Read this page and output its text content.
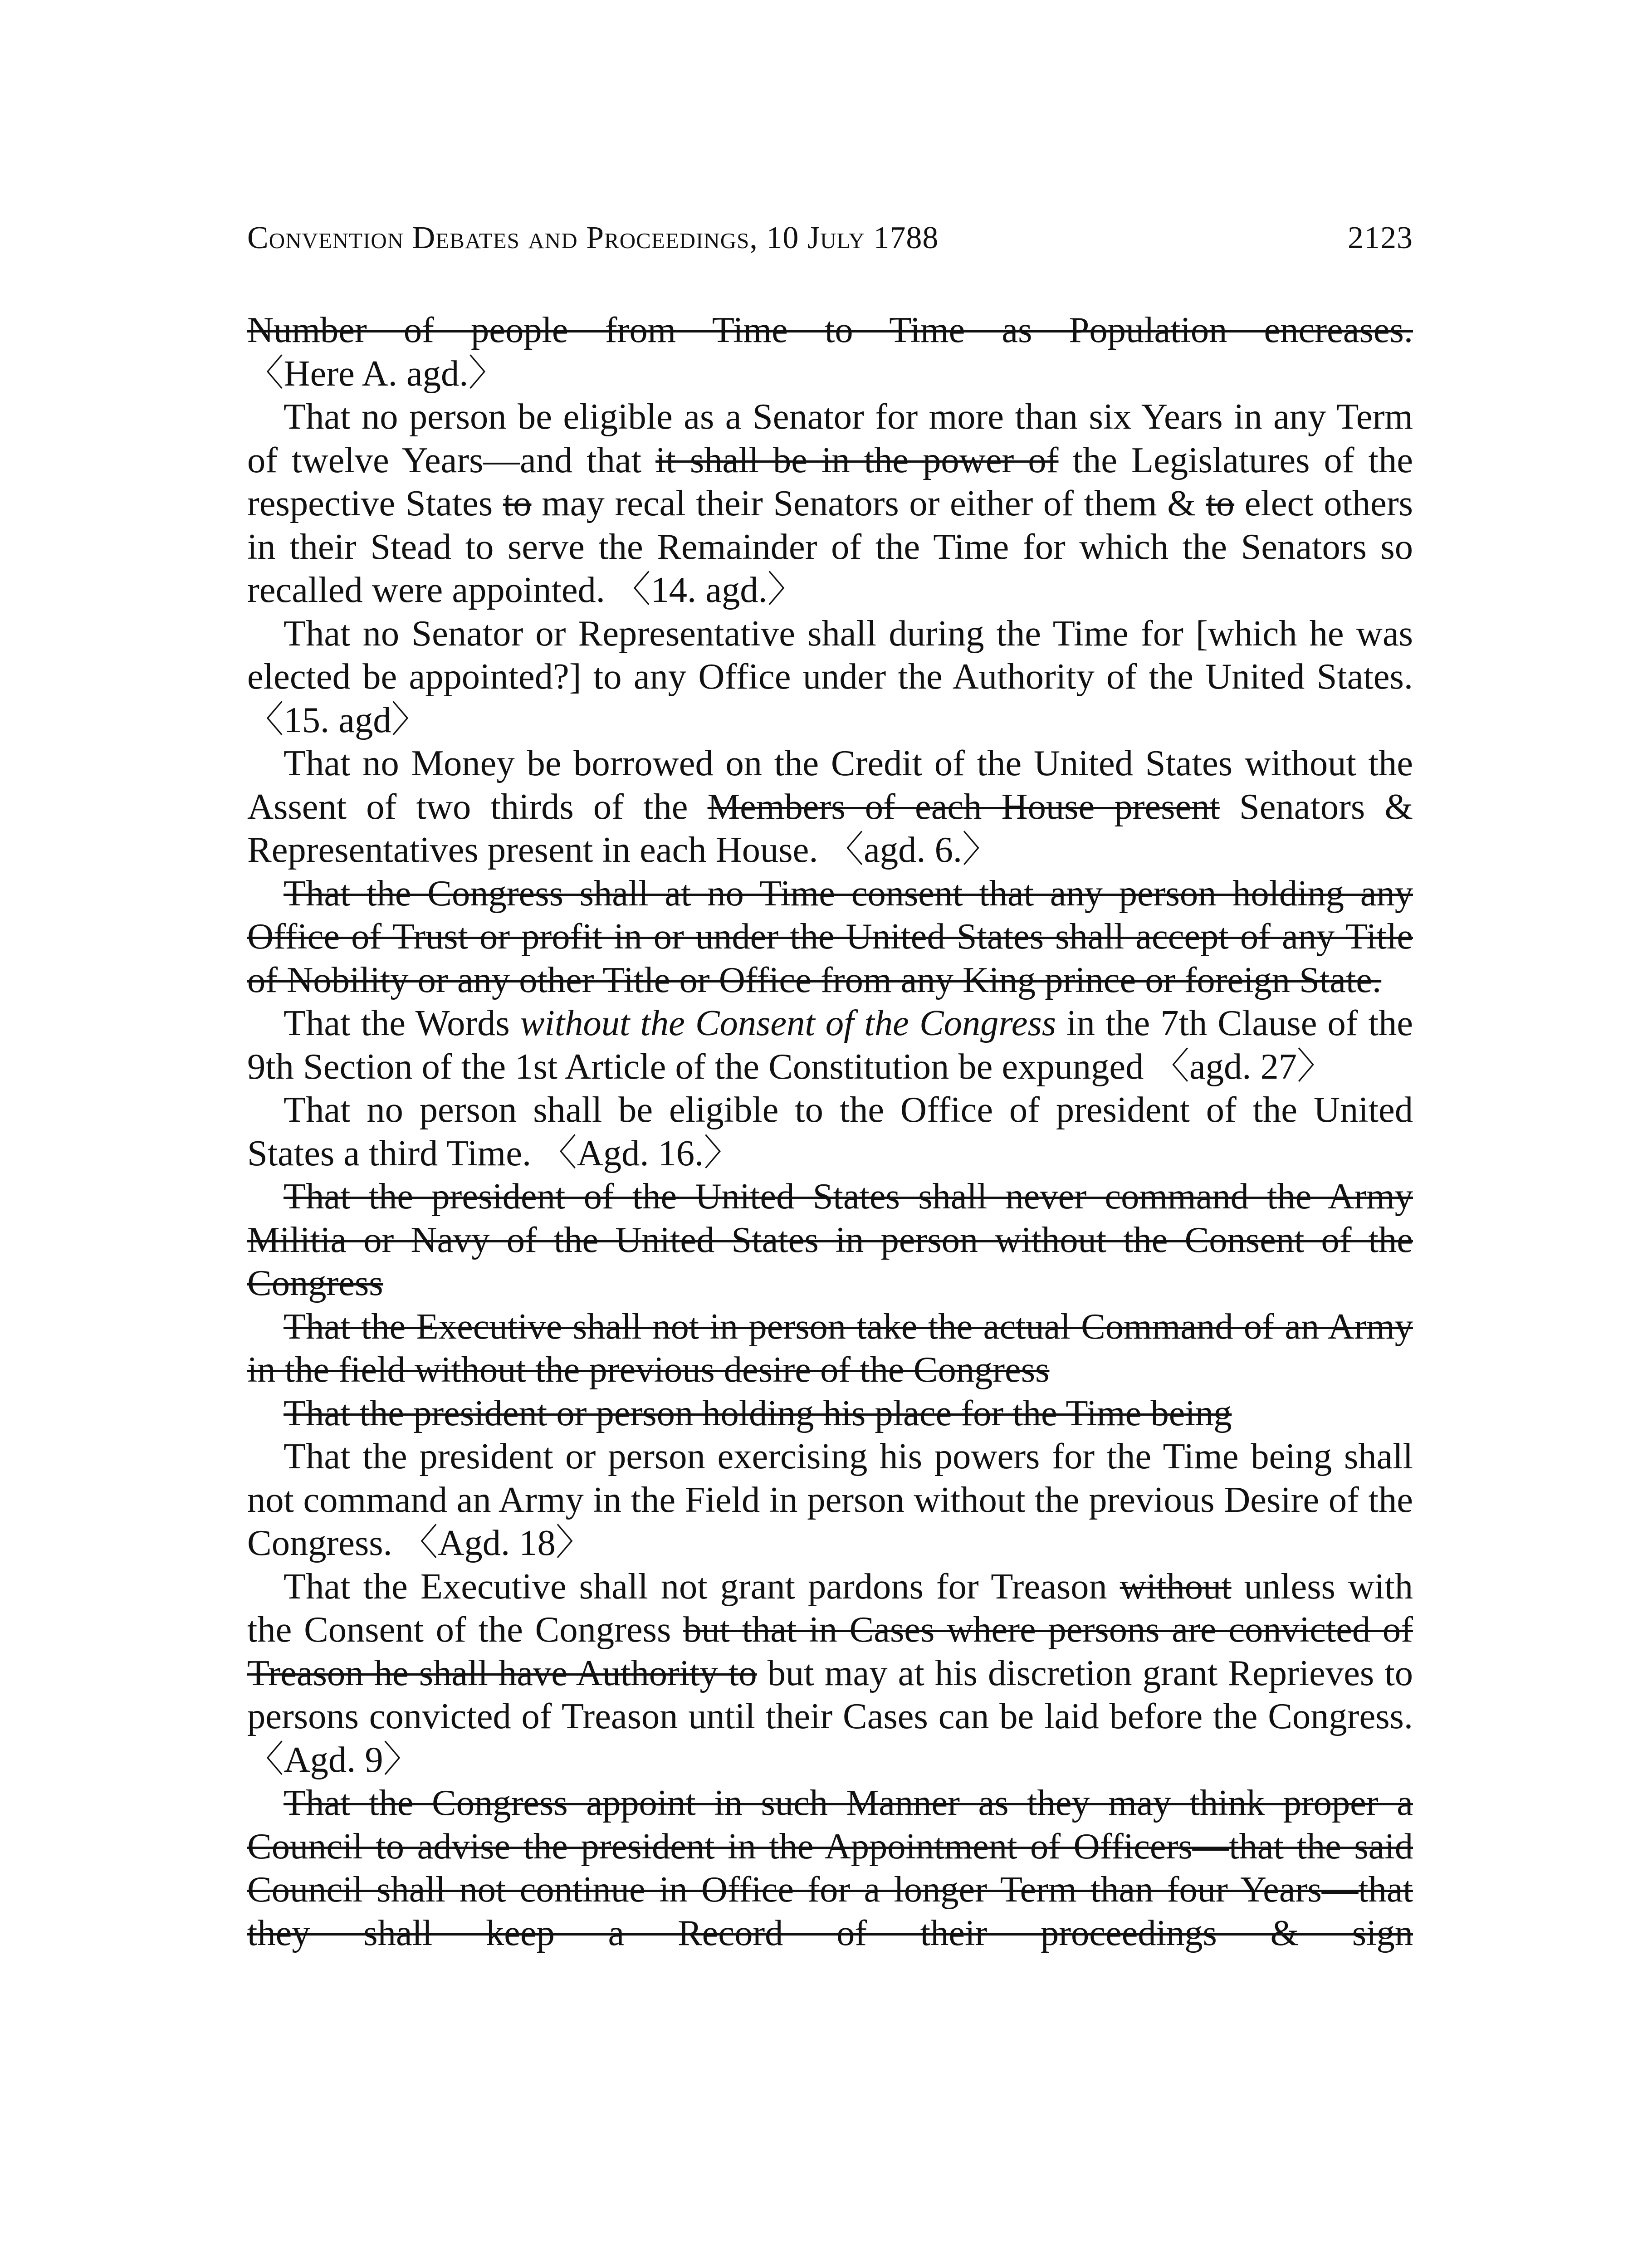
Convention Debates and Proceedings, 10 July 1788	2123

Number of people from Time to Time as Population encreases. 〈Here A. agd.〉

That no person be eligible as a Senator for more than six Years in any Term of twelve Years—and that it shall be in the power of the Legislatures of the respective States to may recal their Senators or either of them & to elect others in their Stead to serve the Remainder of the Time for which the Senators so recalled were appointed. 〈14. agd.〉

That no Senator or Representative shall during the Time for [which he was elected be appointed?] to any Office under the Authority of the United States. 〈15. agd〉

That no Money be borrowed on the Credit of the United States without the Assent of two thirds of the Members of each House present Senators & Representatives present in each House. 〈agd. 6.〉

That the Congress shall at no Time consent that any person holding any Office of Trust or profit in or under the United States shall accept of any Title of Nobility or any other Title or Office from any King prince or foreign State.

That the Words without the Consent of the Congress in the 7th Clause of the 9th Section of the 1st Article of the Constitution be expunged 〈agd. 27〉

That no person shall be eligible to the Office of president of the United States a third Time. 〈Agd. 16.〉

That the president of the United States shall never command the Army Militia or Navy of the United States in person without the Consent of the Congress

That the Executive shall not in person take the actual Command of an Army in the field without the previous desire of the Congress

That the president or person holding his place for the Time being

That the president or person exercising his powers for the Time being shall not command an Army in the Field in person without the previous Desire of the Congress. 〈Agd. 18〉

That the Executive shall not grant pardons for Treason without unless with the Consent of the Congress but that in Cases where persons are convicted of Treason he shall have Authority to but may at his discretion grant Reprieves to persons convicted of Treason until their Cases can be laid before the Congress. 〈Agd. 9〉

That the Congress appoint in such Manner as they may think proper a Council to advise the president in the Appointment of Officers—that the said Council shall not continue in Office for a longer Term than four Years—that they shall keep a Record of their proceedings & sign
